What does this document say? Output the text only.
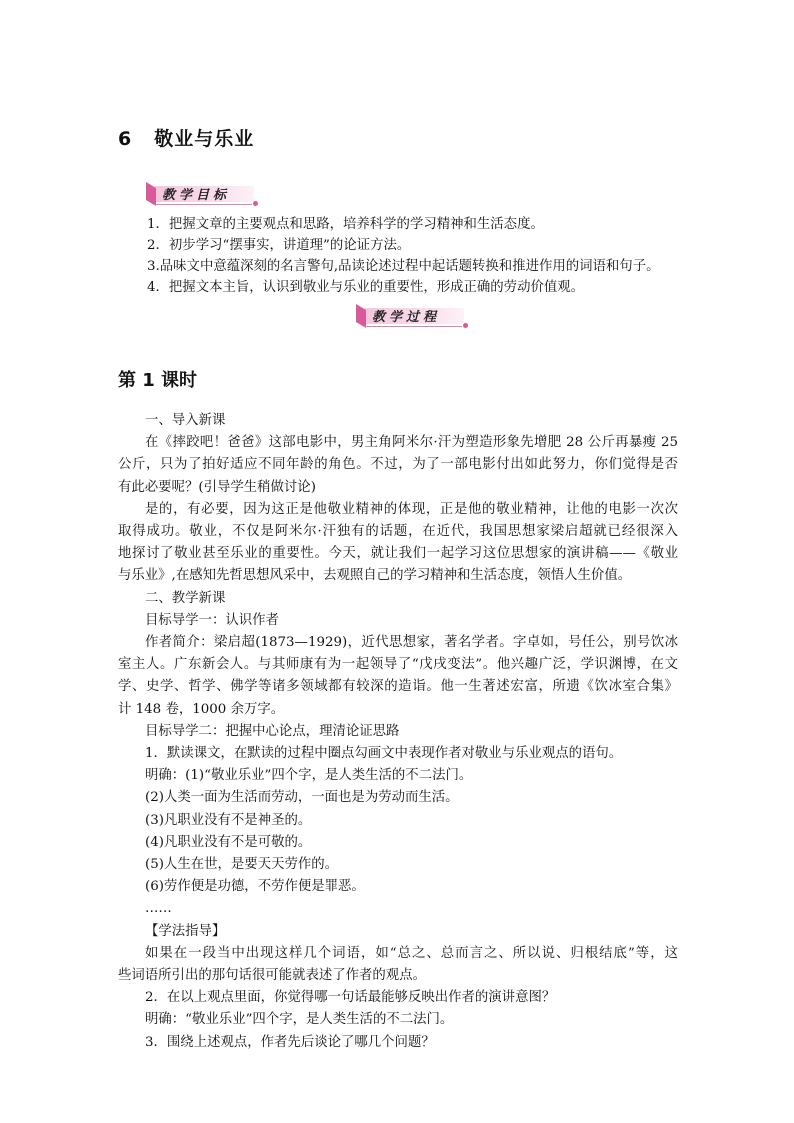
6 敬业与乐业
教学目标
1．把握文章的主要观点和思路，培养科学的学习精神和生活态度。
2．初步学习“摆事实，讲道理”的论证方法。
3.品味文中意蕴深刻的名言警句,品读论述过程中起话题转换和推进作用的词语和句子。
4．把握文本主旨，认识到敬业与乐业的重要性，形成正确的劳动价值观。
教学过程
第 1 课时

一、导入新课

在《摔跤吧！爸爸》这部电影中，男主角阿米尔·汗为塑造形象先增肥 28 公斤再暴瘦 25

公斤，只为了拍好适应不同年龄的角色。不过，为了一部电影付出如此努力，你们觉得是否

有此必要呢？(引导学生稍做讨论)

是的，有必要，因为这正是他敬业精神的体现，正是他的敬业精神，让他的电影一次次

取得成功。敬业，不仅是阿米尔·汗独有的话题，在近代，我国思想家梁启超就已经很深入

地探讨了敬业甚至乐业的重要性。今天，就让我们一起学习这位思想家的演讲稿——《敬业

与乐业》,在感知先哲思想风采中，去观照自己的学习精神和生活态度，领悟人生价值。

二、教学新课

目标导学一：认识作者

作者简介：梁启超(1873—1929)，近代思想家，著名学者。字卓如，号任公，别号饮冰

室主人。广东新会人。与其师康有为一起领导了“戊戌变法”。他兴趣广泛，学识渊博，在文

学、史学、哲学、佛学等诸多领域都有较深的造诣。他一生著述宏富，所遗《饮冰室合集》

计 148 卷，1000 余万字。

目标导学二：把握中心论点，理清论证思路

1．默读课文，在默读的过程中圈点勾画文中表现作者对敬业与乐业观点的语句。

明确：(1)“敬业乐业”四个字，是人类生活的不二法门。

(2)人类一面为生活而劳动，一面也是为劳动而生活。

(3)凡职业没有不是神圣的。

(4)凡职业没有不是可敬的。

(5)人生在世，是要天天劳作的。

(6)劳作便是功德，不劳作便是罪恶。

……

【学法指导】

如果在一段当中出现这样几个词语，如“总之、总而言之、所以说、归根结底”等，这

些词语所引出的那句话很可能就表述了作者的观点。

2．在以上观点里面，你觉得哪一句话最能够反映出作者的演讲意图？

明确：“敬业乐业”四个字，是人类生活的不二法门。

3．围绕上述观点，作者先后谈论了哪几个问题？
